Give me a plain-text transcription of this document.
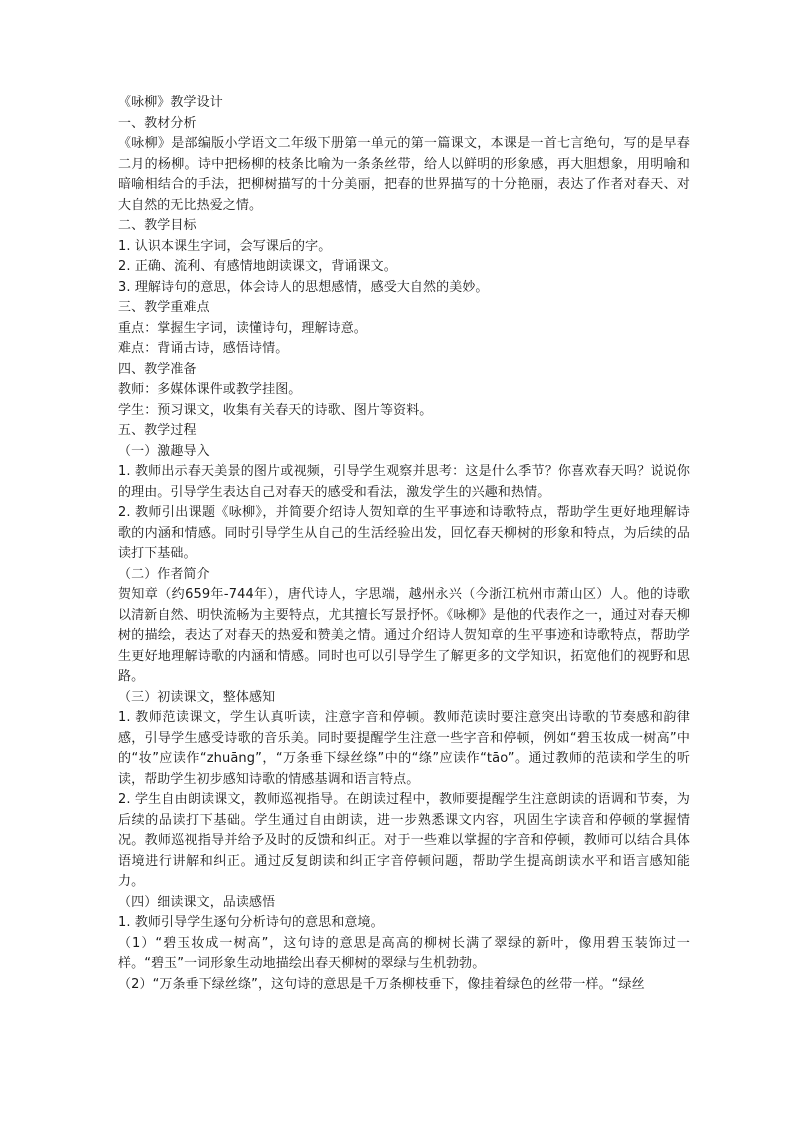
《咏柳》教学设计
一、教材分析
《咏柳》是部编版小学语文二年级下册第一单元的第一篇课文，本课是一首七言绝句，写的是早春二月的杨柳。诗中把杨柳的枝条比喻为一条条丝带，给人以鲜明的形象感，再大胆想象，用明喻和暗喻相结合的手法，把柳树描写的十分美丽，把春的世界描写的十分艳丽，表达了作者对春天、对大自然的无比热爱之情。
二、教学目标
1. 认识本课生字词，会写课后的字。
2. 正确、流利、有感情地朗读课文，背诵课文。
3. 理解诗句的意思，体会诗人的思想感情，感受大自然的美妙。
三、教学重难点
重点：掌握生字词，读懂诗句，理解诗意。
难点：背诵古诗，感悟诗情。
四、教学准备
教师：多媒体课件或教学挂图。
学生：预习课文，收集有关春天的诗歌、图片等资料。
五、教学过程
（一）激趣导入
1. 教师出示春天美景的图片或视频，引导学生观察并思考：这是什么季节？你喜欢春天吗？说说你的理由。引导学生表达自己对春天的感受和看法，激发学生的兴趣和热情。
2. 教师引出课题《咏柳》，并简要介绍诗人贺知章的生平事迹和诗歌特点，帮助学生更好地理解诗歌的内涵和情感。同时引导学生从自己的生活经验出发，回忆春天柳树的形象和特点，为后续的品读打下基础。
（二）作者简介
贺知章（约659年-744年），唐代诗人，字思端，越州永兴（今浙江杭州市萧山区）人。他的诗歌以清新自然、明快流畅为主要特点，尤其擅长写景抒怀。《咏柳》是他的代表作之一，通过对春天柳树的描绘，表达了对春天的热爱和赞美之情。通过介绍诗人贺知章的生平事迹和诗歌特点，帮助学生更好地理解诗歌的内涵和情感。同时也可以引导学生了解更多的文学知识，拓宽他们的视野和思路。
（三）初读课文，整体感知
1. 教师范读课文，学生认真听读，注意字音和停顿。教师范读时要注意突出诗歌的节奏感和韵律感，引导学生感受诗歌的音乐美。同时要提醒学生注意一些字音和停顿，例如“碧玉妆成一树高”中的“妆”应读作“zhuāng”，“万条垂下绿丝绦”中的“绦”应读作“tāo”。通过教师的范读和学生的听读，帮助学生初步感知诗歌的情感基调和语言特点。
2. 学生自由朗读课文，教师巡视指导。在朗读过程中，教师要提醒学生注意朗读的语调和节奏，为后续的品读打下基础。学生通过自由朗读，进一步熟悉课文内容，巩固生字读音和停顿的掌握情况。教师巡视指导并给予及时的反馈和纠正。对于一些难以掌握的字音和停顿，教师可以结合具体语境进行讲解和纠正。通过反复朗读和纠正字音停顿问题，帮助学生提高朗读水平和语言感知能力。
（四）细读课文，品读感悟
1. 教师引导学生逐句分析诗句的意思和意境。
（1）“碧玉妆成一树高”，这句诗的意思是高高的柳树长满了翠绿的新叶，像用碧玉装饰过一样。“碧玉”一词形象生动地描绘出春天柳树的翠绿与生机勃勃。
（2）“万条垂下绿丝绦”，这句诗的意思是千万条柳枝垂下，像挂着绿色的丝带一样。“绿丝
